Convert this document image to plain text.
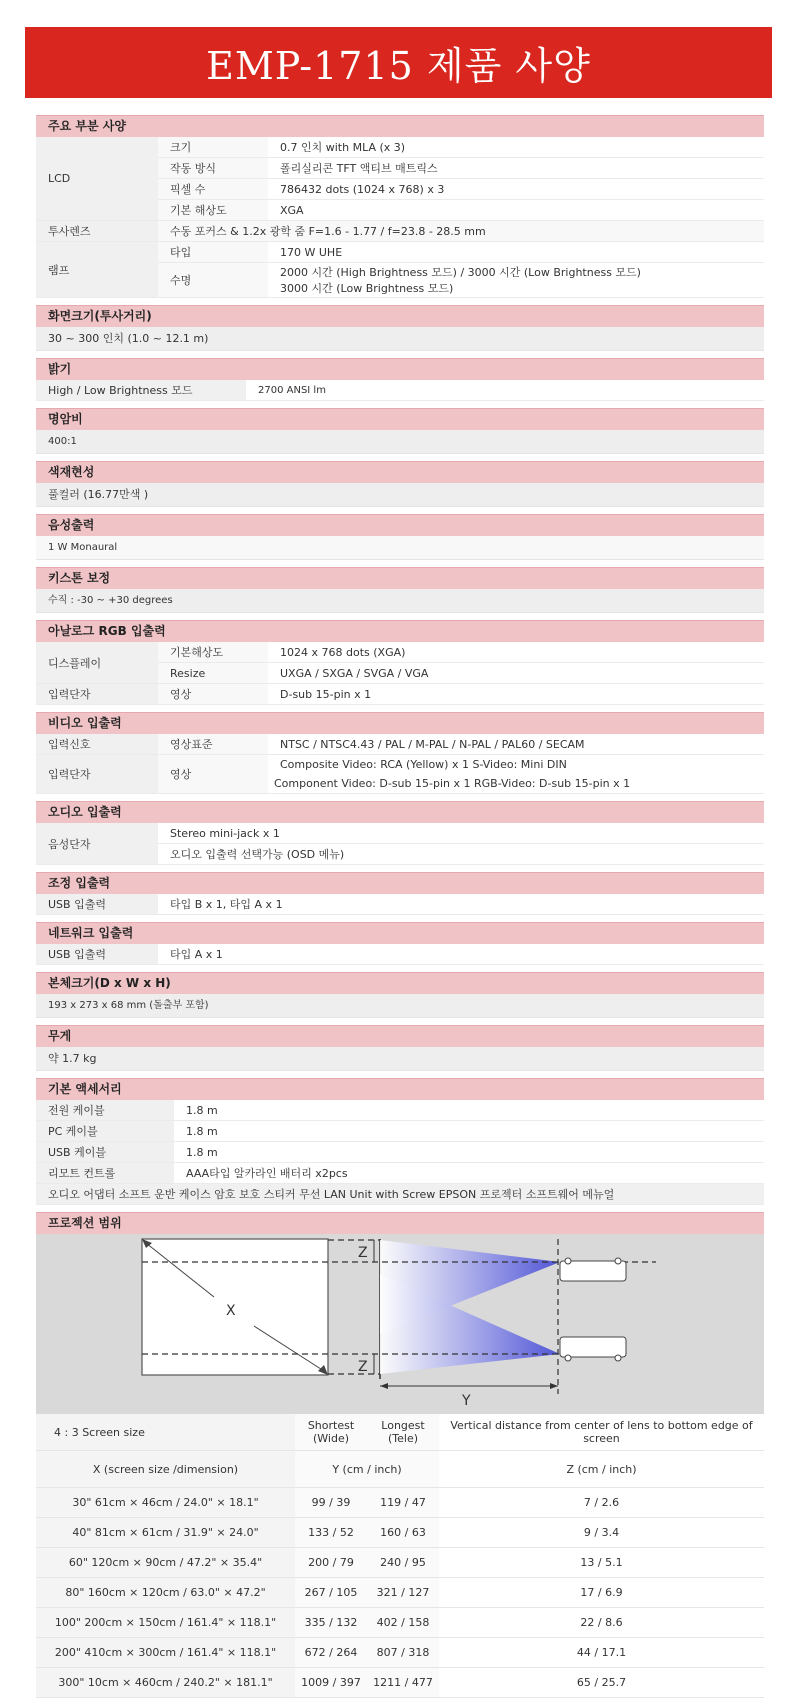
EMP-1715 제품 사양
주요 부분 사양
LCD	크기	0.7 인치 with MLA (x 3)
	작동 방식	폴리실리콘 TFT 액티브 매트릭스
	픽셀 수	786432 dots (1024 x 768) x 3
	기본 해상도	XGA
투사렌즈	수동 포커스 & 1.2x 광학 줌 F=1.6 - 1.77 / f=23.8 - 28.5 mm	
램프	타입	170 W UHE
	수명	2000 시간 (High Brightness 모드) / 3000 시간 (Low Brightness 모드)
3000 시간 (Low Brightness 모드)
화면크기(투사거리)
30 ~ 300 인치 (1.0 ~ 12.1 m)
밝기
High / Low Brightness 모드	2700 ANSI lm
명암비
400:1
색재현성
풀컬러 (16.77만색 )
음성출력
1 W Monaural
키스톤 보정
수직 : -30 ~ +30 degrees
아날로그 RGB 입출력
디스플레이	기본해상도	1024 x 768 dots (XGA)
	Resize	UXGA / SXGA / SVGA / VGA
입력단자	영상	D-sub 15-pin x 1
비디오 입출력
입력신호	영상표준	NTSC / NTSC4.43 / PAL / M-PAL / N-PAL / PAL60 / SECAM
입력단자	영상	Composite Video: RCA (Yellow) x 1 S-Video: Mini DIN
Component Video: D-sub 15-pin x 1 RGB-Video: D-sub 15-pin x 1
오디오 입출력
음성단자	Stereo mini-jack x 1
오디오 입출력 선택가능 (OSD 메뉴)
조정 입출력
USB 입출력	타입 B x 1, 타입 A x 1
네트워크 입출력
USB 입출력	타입 A x 1
본체크기(D x W x H)
193 x 273 x 68 mm (돌출부 포함)
무게
약 1.7 kg
기본 액세서리
전원 케이블	1.8 m
PC 케이블	1.8 m
USB 케이블	1.8 m
리모트 컨트롤	AAA타입 알카라인 배터리 x2pcs
오디오 어댑터 소프트 운반 케이스 암호 보호 스티커 무선 LAN Unit with Screw EPSON 프로젝터 소프트웨어 메뉴얼	
프로젝션 범위
X
Z
Z
Y
4 : 3 Screen size	Shortest (Wide)	Longest (Tele)	Vertical distance from center of lens to bottom edge of screen
X (screen size /dimension)	Y (cm / inch)		Z (cm / inch)
30" 61cm × 46cm / 24.0" × 18.1"	99 / 39	119 / 47	7 / 2.6
40" 81cm × 61cm / 31.9" × 24.0"	133 / 52	160 / 63	9 / 3.4
60" 120cm × 90cm / 47.2" × 35.4"	200 / 79	240 / 95	13 / 5.1
80" 160cm × 120cm / 63.0" × 47.2"	267 / 105	321 / 127	17 / 6.9
100" 200cm × 150cm / 161.4" × 118.1"	335 / 132	402 / 158	22 / 8.6
200" 410cm × 300cm / 161.4" × 118.1"	672 / 264	807 / 318	44 / 17.1
300" 10cm × 460cm / 240.2" × 181.1"	1009 / 397	1211 / 477	65 / 25.7
